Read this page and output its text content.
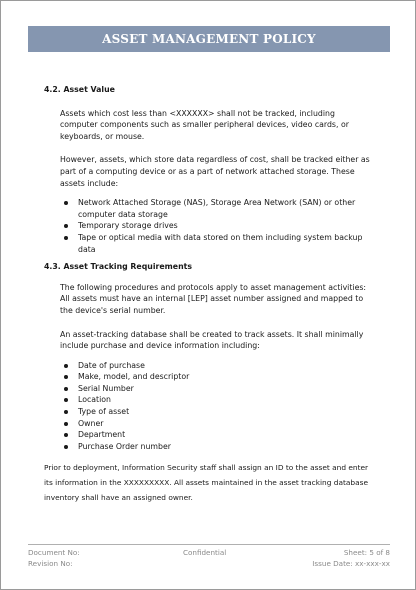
ASSET MANAGEMENT POLICY

4.2. Asset Value

Assets which cost less than <XXXXXX> shall not be tracked, including computer components such as smaller peripheral devices, video cards, or keyboards, or mouse.

However, assets, which store data regardless of cost, shall be tracked either as part of a computing device or as a part of network attached storage. These assets include:

Network Attached Storage (NAS), Storage Area Network (SAN) or other computer data storage
Temporary storage drives
Tape or optical media with data stored on them including system backup data

4.3. Asset Tracking Requirements

The following procedures and protocols apply to asset management activities: All assets must have an internal [LEP] asset number assigned and mapped to the device's serial number.

An asset-tracking database shall be created to track assets. It shall minimally include purchase and device information including:

Date of purchase
Make, model, and descriptor
Serial Number
Location
Type of asset
Owner
Department
Purchase Order number

Prior to deployment, Information Security staff shall assign an ID to the asset and enter its information in the XXXXXXXXX. All assets maintained in the asset tracking database inventory shall have an assigned owner.

Document No:
Revision No:
Confidential	Sheet: 5 of 8
Issue Date: xx-xxx-xx
